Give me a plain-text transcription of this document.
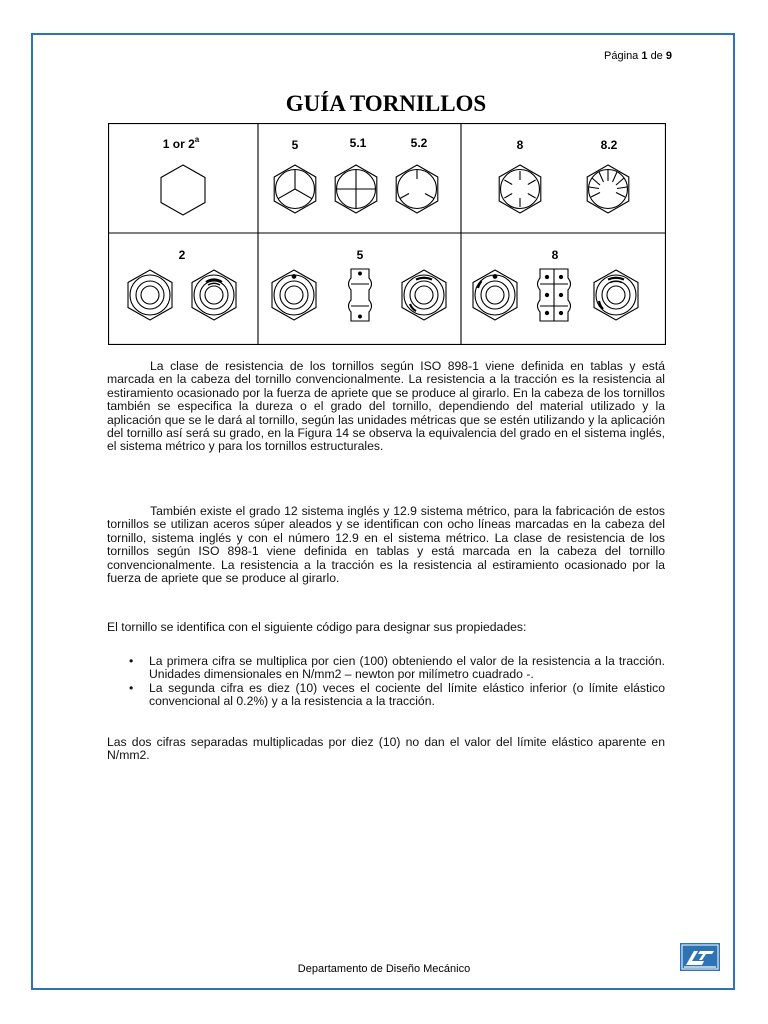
Página 1 de 9
GUÍA TORNILLOS
1 or 2$^a$	5	5.1	5.2	8	8.2
2	5	8

La clase de resistencia de los tornillos según ISO 898-1 viene definida en tablas y está marcada en la cabeza del tornillo convencionalmente. La resistencia a la tracción es la resistencia al estiramiento ocasionado por la fuerza de apriete que se produce al girarlo. En la cabeza de los tornillos también se especifica la dureza o el grado del tornillo, dependiendo del material utilizado y la aplicación que se le dará al tornillo, según las unidades métricas que se estén utilizando y la aplicación del tornillo así será su grado, en la Figura 14 se observa la equivalencia del grado en el sistema inglés, el sistema métrico y para los tornillos estructurales.

También existe el grado 12 sistema inglés y 12.9 sistema métrico, para la fabricación de estos tornillos se utilizan aceros súper aleados y se identifican con ocho líneas marcadas en la cabeza del tornillo, sistema inglés y con el número 12.9 en el sistema métrico. La clase de resistencia de los tornillos según ISO 898-1 viene definida en tablas y está marcada en la cabeza del tornillo convencionalmente. La resistencia a la tracción es la resistencia al estiramiento ocasionado por la fuerza de apriete que se produce al girarlo.

El tornillo se identifica con el siguiente código para designar sus propiedades:

• La primera cifra se multiplica por cien (100) obteniendo el valor de la resistencia a la tracción. Unidades dimensionales en N/mm2 – newton por milímetro cuadrado -.
• La segunda cifra es diez (10) veces el cociente del límite elástico inferior (o límite elástico convencional al 0.2%) y a la resistencia a la tracción.

Las dos cifras separadas multiplicadas por diez (10) no dan el valor del límite elástico aparente en N/mm2.

Departamento de Diseño Mecánico
